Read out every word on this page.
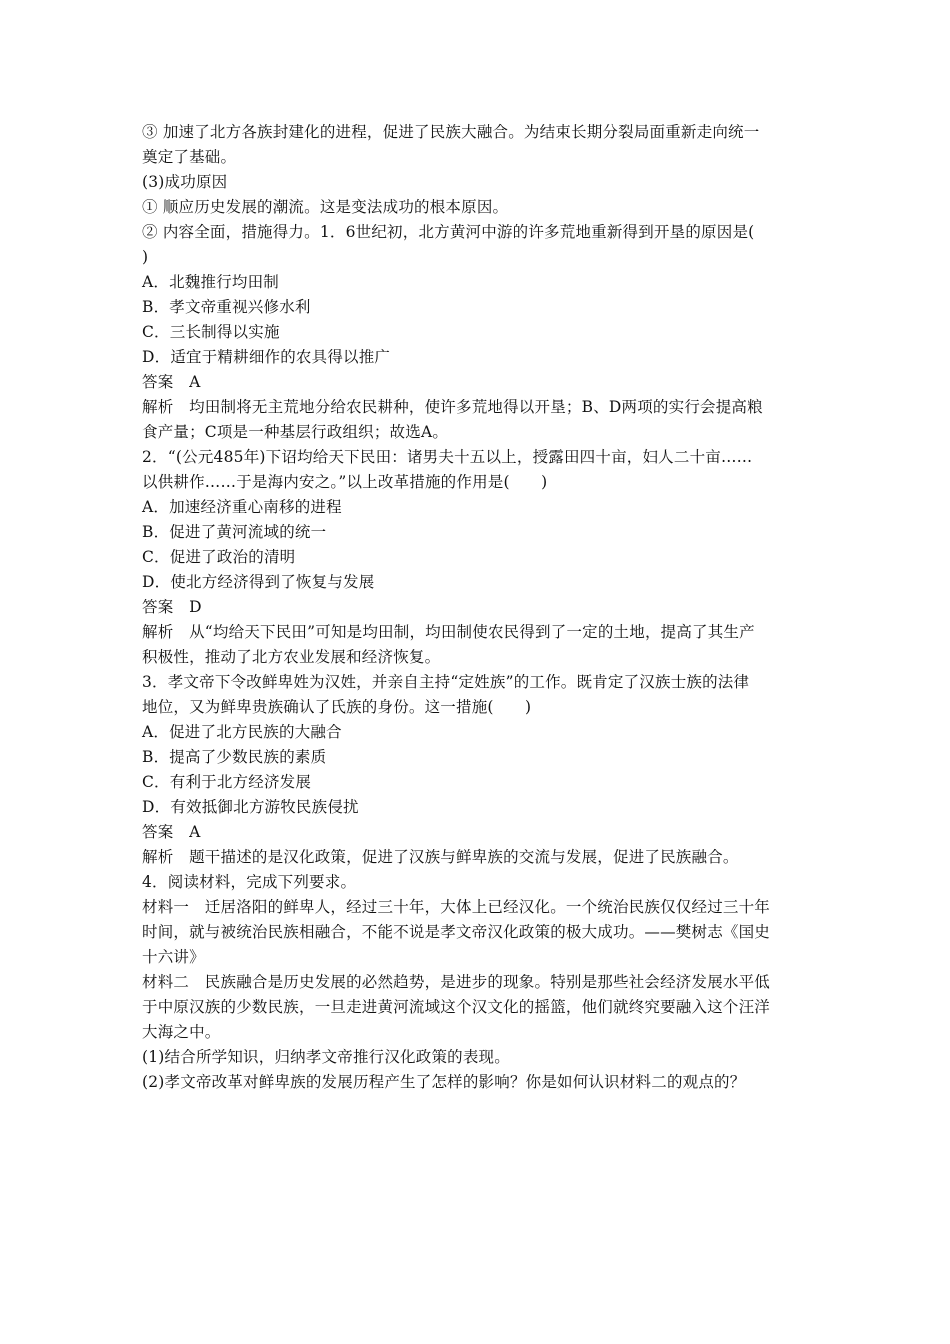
③ 加速了北方各族封建化的进程，促进了民族大融合。为结束长期分裂局面重新走向统一
奠定了基础。
(3)成功原因
① 顺应历史发展的潮流。这是变法成功的根本原因。
② 内容全面，措施得力。1．6世纪初，北方黄河中游的许多荒地重新得到开垦的原因是(
)
A．北魏推行均田制
B．孝文帝重视兴修水利
C．三长制得以实施
D．适宜于精耕细作的农具得以推广
答案　A
解析　均田制将无主荒地分给农民耕种，使许多荒地得以开垦；B、D两项的实行会提高粮
食产量；C项是一种基层行政组织；故选A。
2．“(公元485年)下诏均给天下民田：诸男夫十五以上，授露田四十亩，妇人二十亩……
以供耕作……于是海内安之。”以上改革措施的作用是(　　)
A．加速经济重心南移的进程
B．促进了黄河流域的统一
C．促进了政治的清明
D．使北方经济得到了恢复与发展
答案　D
解析　从“均给天下民田”可知是均田制，均田制使农民得到了一定的土地，提高了其生产
积极性，推动了北方农业发展和经济恢复。
3．孝文帝下令改鲜卑姓为汉姓，并亲自主持“定姓族”的工作。既肯定了汉族士族的法律
地位，又为鲜卑贵族确认了氏族的身份。这一措施(　　)
A．促进了北方民族的大融合
B．提高了少数民族的素质
C．有利于北方经济发展
D．有效抵御北方游牧民族侵扰
答案　A
解析　题干描述的是汉化政策，促进了汉族与鲜卑族的交流与发展，促进了民族融合。
4．阅读材料，完成下列要求。
材料一　迁居洛阳的鲜卑人，经过三十年，大体上已经汉化。一个统治民族仅仅经过三十年
时间，就与被统治民族相融合，不能不说是孝文帝汉化政策的极大成功。——樊树志《国史
十六讲》
材料二　民族融合是历史发展的必然趋势，是进步的现象。特别是那些社会经济发展水平低
于中原汉族的少数民族，一旦走进黄河流域这个汉文化的摇篮，他们就终究要融入这个汪洋
大海之中。
(1)结合所学知识，归纳孝文帝推行汉化政策的表现。
(2)孝文帝改革对鲜卑族的发展历程产生了怎样的影响？你是如何认识材料二的观点的？
